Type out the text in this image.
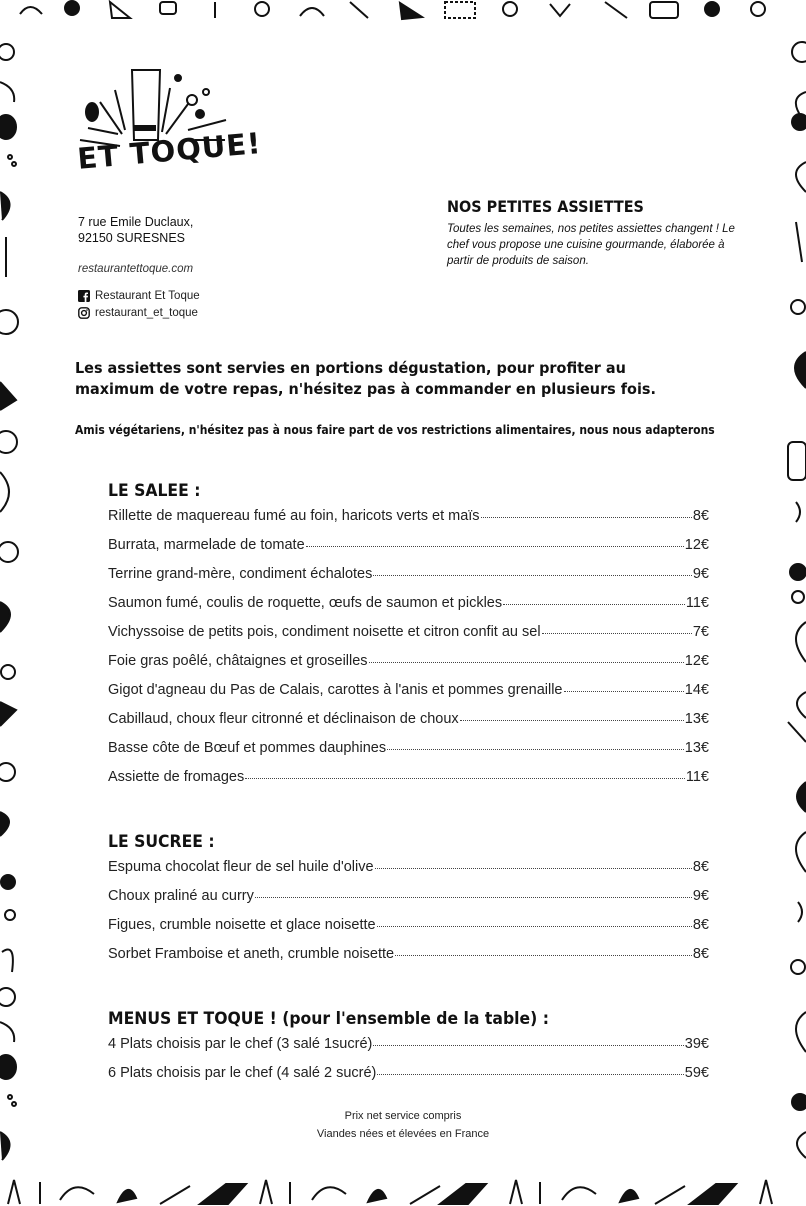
ET TOQUE!
7 rue Emile Duclaux,
92150 SURESNES
restaurantettoque.com
Restaurant Et Toque
restaurant_et_toque
NOS PETITES ASSIETTES
Toutes les semaines, nos petites assiettes changent ! Le chef vous propose une cuisine gourmande, élaborée à partir de produits de saison.
Les assiettes sont servies en portions dégustation, pour profiter au maximum de votre repas, n'hésitez pas à commander en plusieurs fois.
Amis végétariens, n'hésitez pas à nous faire part de vos restrictions alimentaires, nous nous adapterons
LE SALEE :
Rillette de maquereau fumé au foin, haricots verts et maïs	8€
Burrata, marmelade de tomate	12€
Terrine grand-mère, condiment échalotes	9€
Saumon fumé, coulis de roquette, œufs de saumon et pickles	11€
Vichyssoise de petits pois, condiment noisette et citron confit au sel	7€
Foie gras poêlé, châtaignes et groseilles	12€
Gigot d'agneau du Pas de Calais, carottes à l'anis et pommes grenaille	14€
Cabillaud, choux fleur citronné et déclinaison de choux	13€
Basse côte de Bœuf et pommes dauphines	13€
Assiette de fromages	11€
LE SUCREE :
Espuma chocolat fleur de sel huile d'olive	8€
Choux praliné au curry	9€
Figues, crumble noisette et glace noisette	8€
Sorbet Framboise et aneth, crumble noisette	8€
MENUS ET TOQUE ! (pour l'ensemble de la table) :
4 Plats choisis par le chef (3 salé 1sucré)	39€
6 Plats choisis par le chef (4 salé 2 sucré)	59€
Prix net service compris
Viandes nées et élevées en France
